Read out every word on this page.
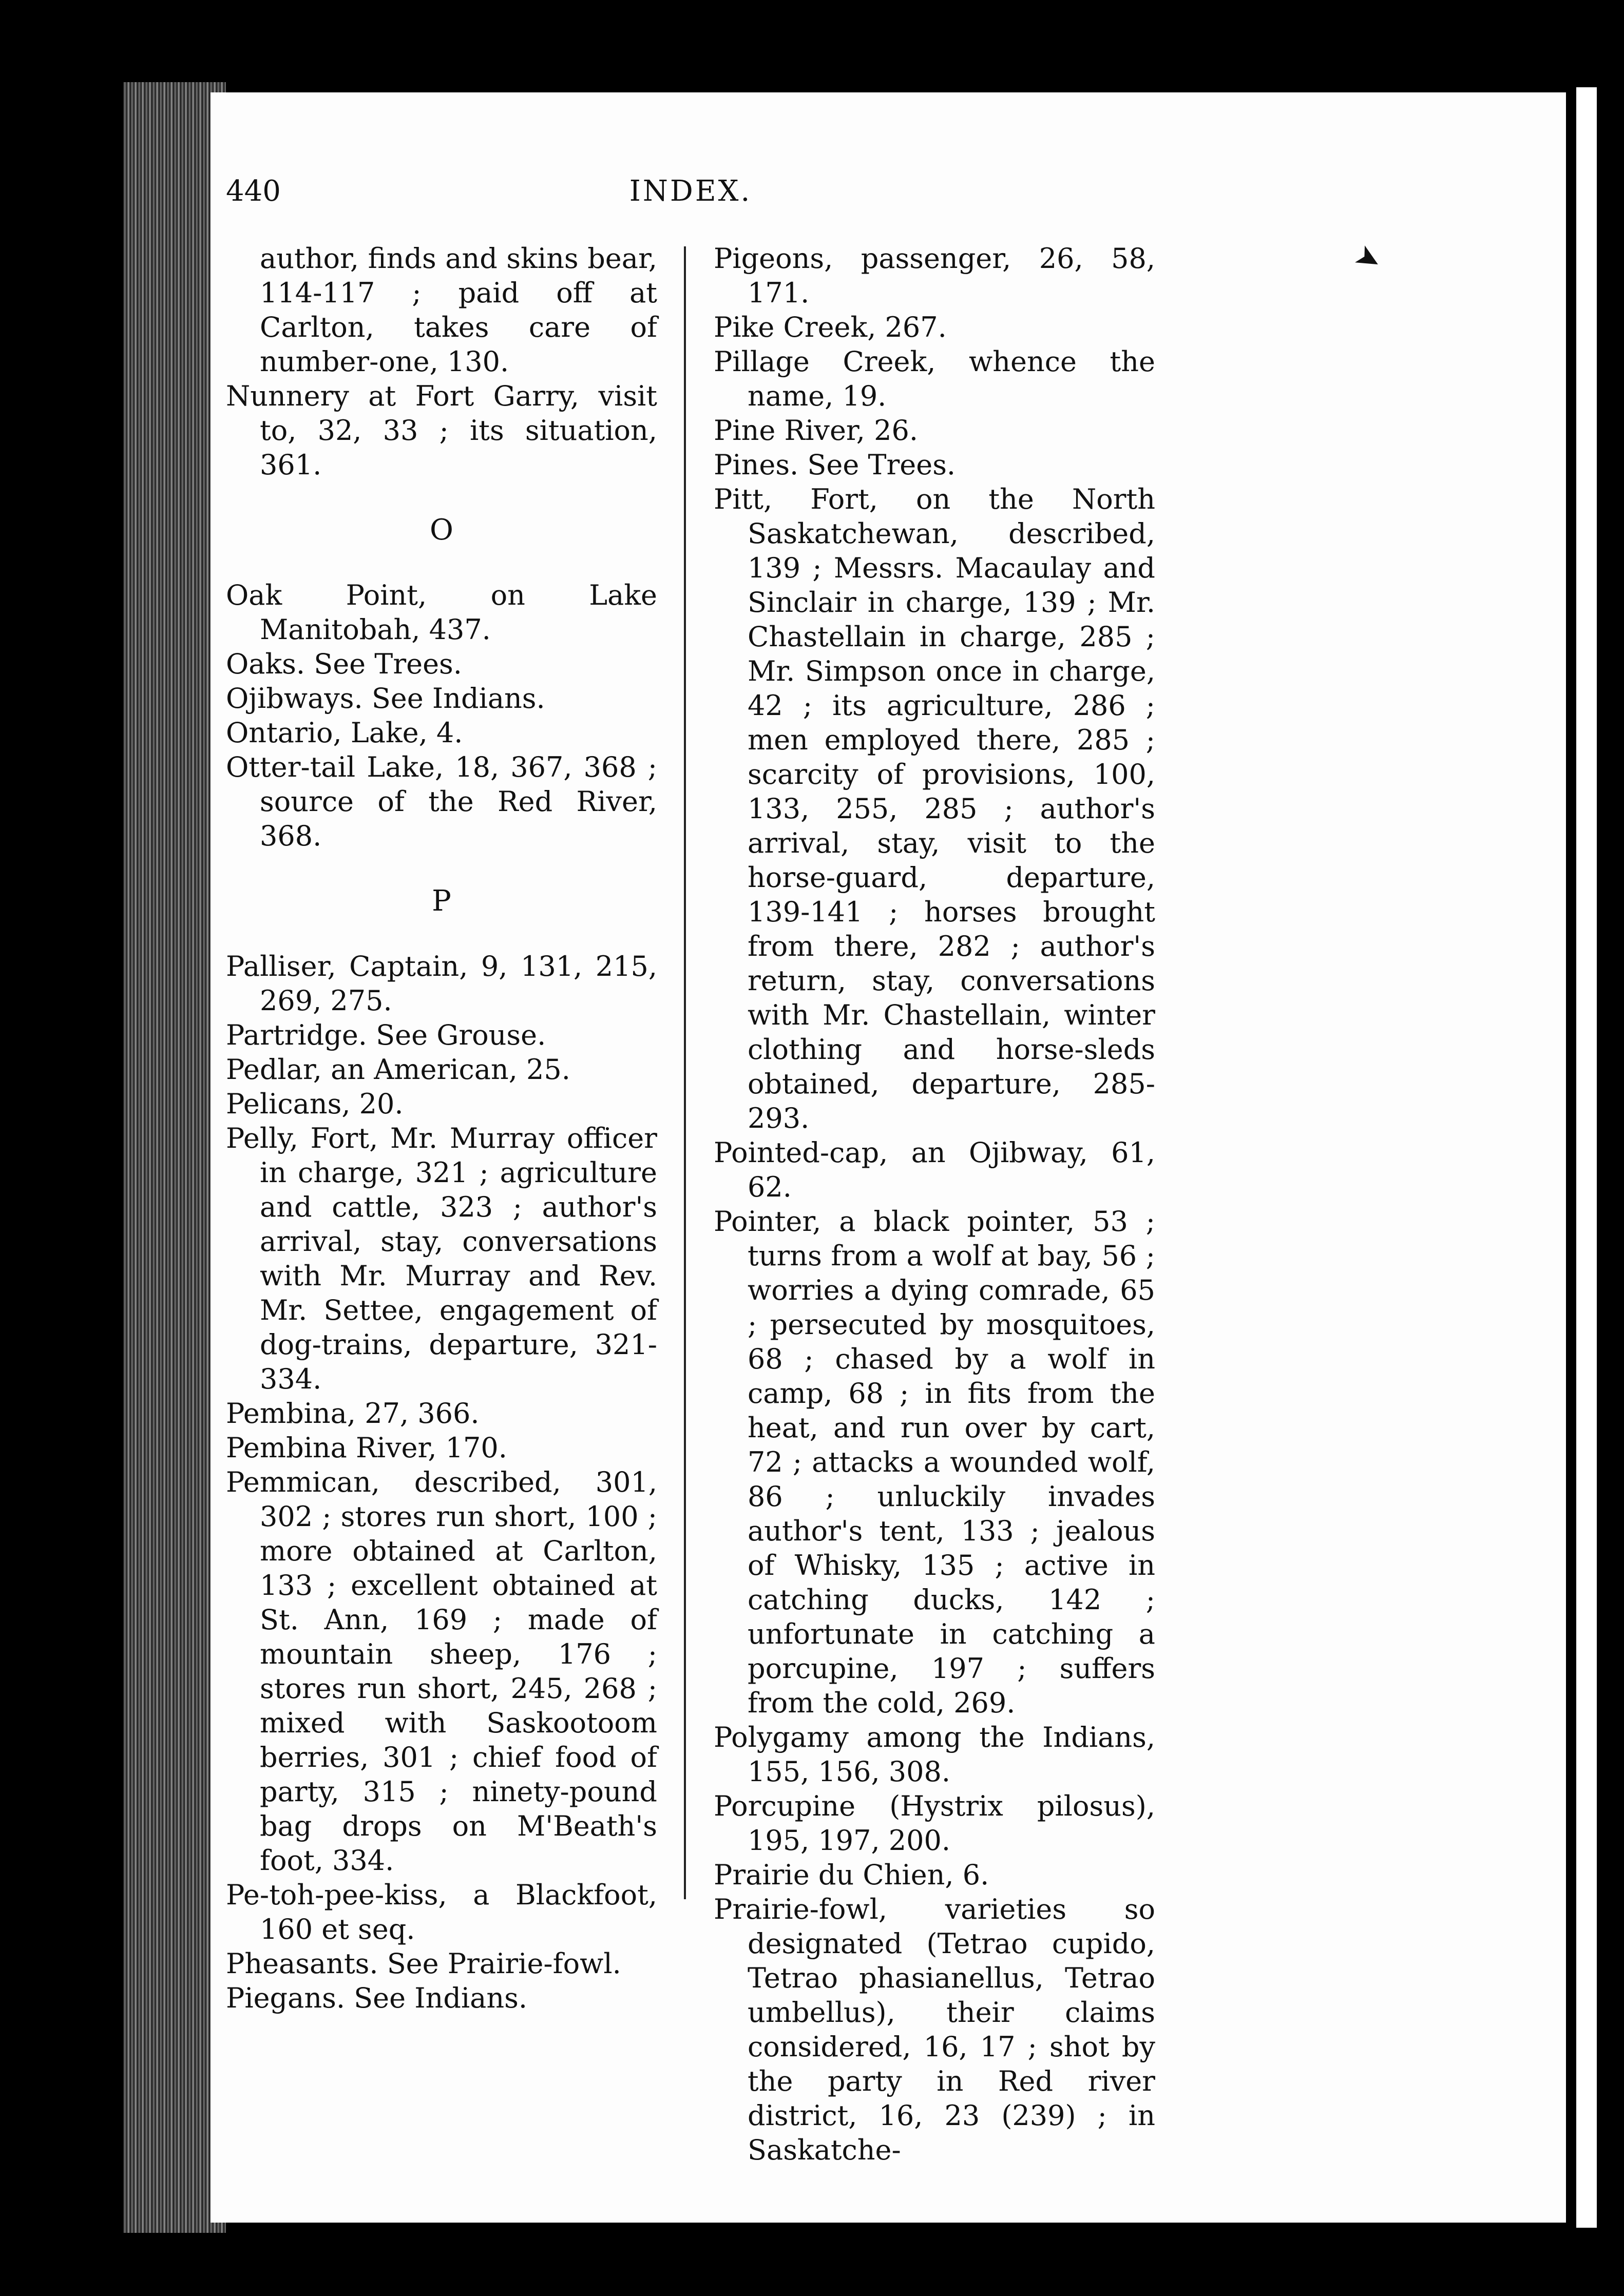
➤
440	INDEX.
author, finds and skins bear, 114-117 ; paid off at Carlton, takes care of number-one, 130.
Nunnery at Fort Garry, visit to, 32, 33 ; its situation, 361.
O
Oak Point, on Lake Manitobah, 437.
Oaks. See Trees.
Ojibways. See Indians.
Ontario, Lake, 4.
Otter-tail Lake, 18, 367, 368 ; source of the Red River, 368.
P
Palliser, Captain, 9, 131, 215, 269, 275.
Partridge. See Grouse.
Pedlar, an American, 25.
Pelicans, 20.
Pelly, Fort, Mr. Murray officer in charge, 321 ; agriculture and cattle, 323 ; author's arrival, stay, conversations with Mr. Murray and Rev. Mr. Settee, engagement of dog-trains, departure, 321-334.
Pembina, 27, 366.
Pembina River, 170.
Pemmican, described, 301, 302 ; stores run short, 100 ; more obtained at Carlton, 133 ; excellent obtained at St. Ann, 169 ; made of mountain sheep, 176 ; stores run short, 245, 268 ; mixed with Saskootoom berries, 301 ; chief food of party, 315 ; ninety-pound bag drops on M'Beath's foot, 334.
Pe-toh-pee-kiss, a Blackfoot, 160 et seq.
Pheasants. See Prairie-fowl.
Piegans. See Indians.
Pigeons, passenger, 26, 58, 171.
Pike Creek, 267.
Pillage Creek, whence the name, 19.
Pine River, 26.
Pines. See Trees.
Pitt, Fort, on the North Saskatchewan, described, 139 ; Messrs. Macaulay and Sinclair in charge, 139 ; Mr. Chastellain in charge, 285 ; Mr. Simpson once in charge, 42 ; its agriculture, 286 ; men employed there, 285 ; scarcity of provisions, 100, 133, 255, 285 ; author's arrival, stay, visit to the horse-guard, departure, 139-141 ; horses brought from there, 282 ; author's return, stay, conversations with Mr. Chastellain, winter clothing and horse-sleds obtained, departure, 285-293.
Pointed-cap, an Ojibway, 61, 62.
Pointer, a black pointer, 53 ; turns from a wolf at bay, 56 ; worries a dying comrade, 65 ; persecuted by mosquitoes, 68 ; chased by a wolf in camp, 68 ; in fits from the heat, and run over by cart, 72 ; attacks a wounded wolf, 86 ; unluckily invades author's tent, 133 ; jealous of Whisky, 135 ; active in catching ducks, 142 ; unfortunate in catching a porcupine, 197 ; suffers from the cold, 269.
Polygamy among the Indians, 155, 156, 308.
Porcupine (Hystrix pilosus), 195, 197, 200.
Prairie du Chien, 6.
Prairie-fowl, varieties so designated (Tetrao cupido, Tetrao phasianellus, Tetrao umbellus), their claims considered, 16, 17 ; shot by the party in Red river district, 16, 23 (239) ; in Saskatche-
